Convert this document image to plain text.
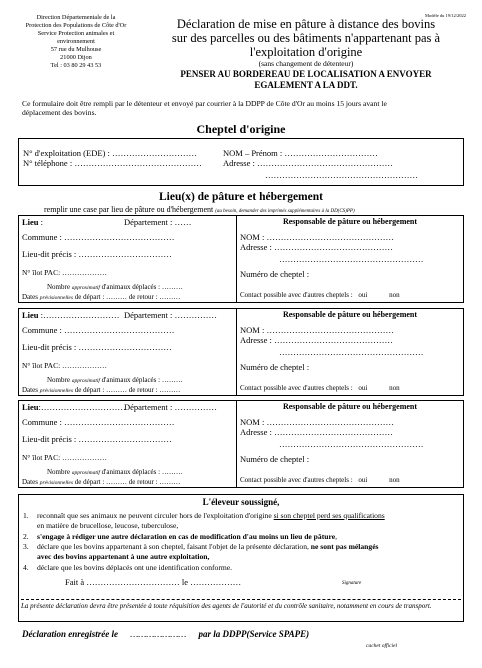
Modèle du 19/12/2022
Direction Départementale de la
Protection des Populations de Côte d'Or
Service Protection animales et
environnement
57 rue du Mulhouse
21000 Dijon
Tel : 03 80 29 43 53
Déclaration de mise en pâture à distance des bovins
sur des parcelles ou des bâtiments n'appartenant pas à
l'exploitation d'origine
(sans changement de détenteur)
PENSER AU BORDEREAU DE LOCALISATION A ENVOYER
EGALEMENT A LA DDT.
Ce formulaire doit être rempli par le détenteur et envoyé par courrier à la DDPP de Côte d'Or au moins 15 jours avant le
déplacement des bovins.
Cheptel d'origine
N° d'exploitation (EDE) : …………………………
N° téléphone : ………………………………………
NOM – Prénom : ……………………………
Adresse : …………………………………………
………………………………………………
Lieu(x) de pâture et hébergement
remplir une case par lieu de pâture ou d'hébergement (au besoin, demander des imprimés supplémentaires à la DD(CS)PP)
Lieu :	Département : ……
Commune : …………………………………
Lieu-dit précis : ……………………………
N° îlot PAC: ………………
Nombre approximatif d'animaux déplacés : ………
Dates prévisionnelles de départ : ……… de retour : ………
Responsable de pâture ou hébergement
NOM : ………………………………………
Adresse : ……………………………………
……………………………………………
Numéro de cheptel :
Contact possible avec d'autres cheptels : oui	non
Lieu :……………………… Département : ……………
Commune : …………………………………
Lieu-dit précis : ……………………………
N° îlot PAC: ………………
Nombre approximatif d'animaux déplacés : ………
Dates prévisionnelles de départ : ……… de retour : ………
Responsable de pâture ou hébergement
NOM : ………………………………………
Adresse : ……………………………………
……………………………………………
Numéro de cheptel :
Contact possible avec d'autres cheptels : oui	non
Lieu:…………………………
Département : ……………
Commune : …………………………………
Lieu-dit précis : ……………………………
N° îlot PAC: ………………
Nombre approximatif d'animaux déplacés : ………
Dates prévisionnelles de départ : ……… de retour : ………
Responsable de pâture ou hébergement
NOM : ………………………………………
Adresse : ……………………………………
……………………………………………
Numéro de cheptel :
Contact possible avec d'autres cheptels : oui	non
L'éleveur soussigné,
1. reconnaît que ses animaux ne peuvent circuler hors de l'exploitation d'origine si son cheptel perd ses qualifications
en matière de brucellose, leucose, tuberculose,
2. s'engage à rédiger une autre déclaration en cas de modification d'au moins un lieu de pâture,
3. déclare que les bovins appartenant à son cheptel, faisant l'objet de la présente déclaration, ne sont pas mélangés
avec des bovins appartenant à une autre exploitation,
4. déclare que les bovins déplacés ont une identification conforme.
Fait à …………………………… le ………………	Signature
La présente déclaration devra être présentée à toute réquisition des agents de l'autorité et du contrôle sanitaire, notamment en cours de transport.
Déclaration enregistrée le ………………… par la DDPP(Service SPAPE)
cachet officiel
